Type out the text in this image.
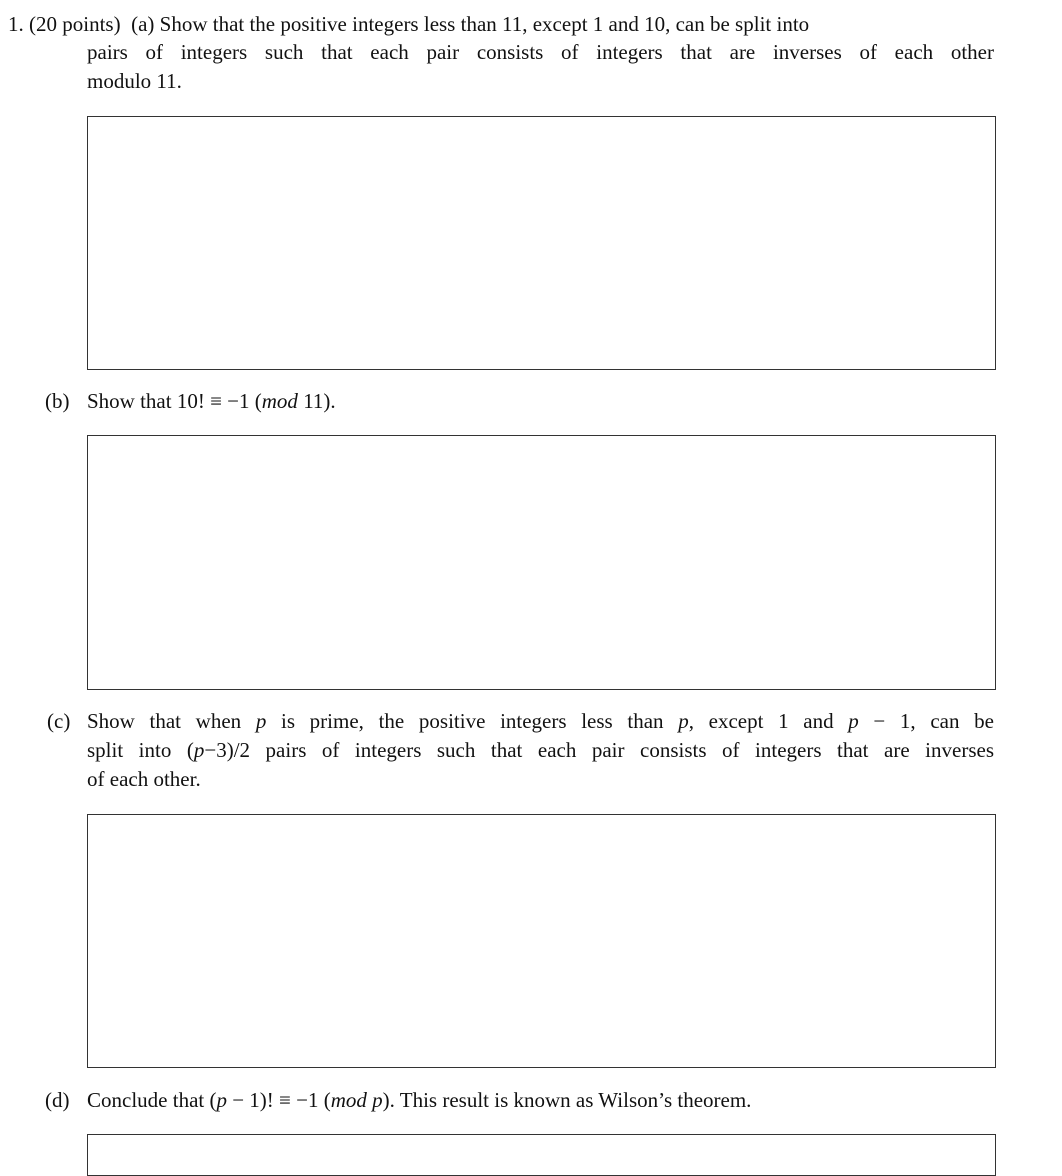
1. (20 points) (a) Show that the positive integers less than 11, except 1 and 10, can be split into
pairs of integers such that each pair consists of integers that are inverses of each other
modulo 11.
(b) Show that 10! ≡ −1 (mod 11).
(c) Show that when p is prime, the positive integers less than p, except 1 and p − 1, can be
split into (p−3)/2 pairs of integers such that each pair consists of integers that are inverses
of each other.
(d) Conclude that (p − 1)! ≡ −1 (mod p). This result is known as Wilson’s theorem.
